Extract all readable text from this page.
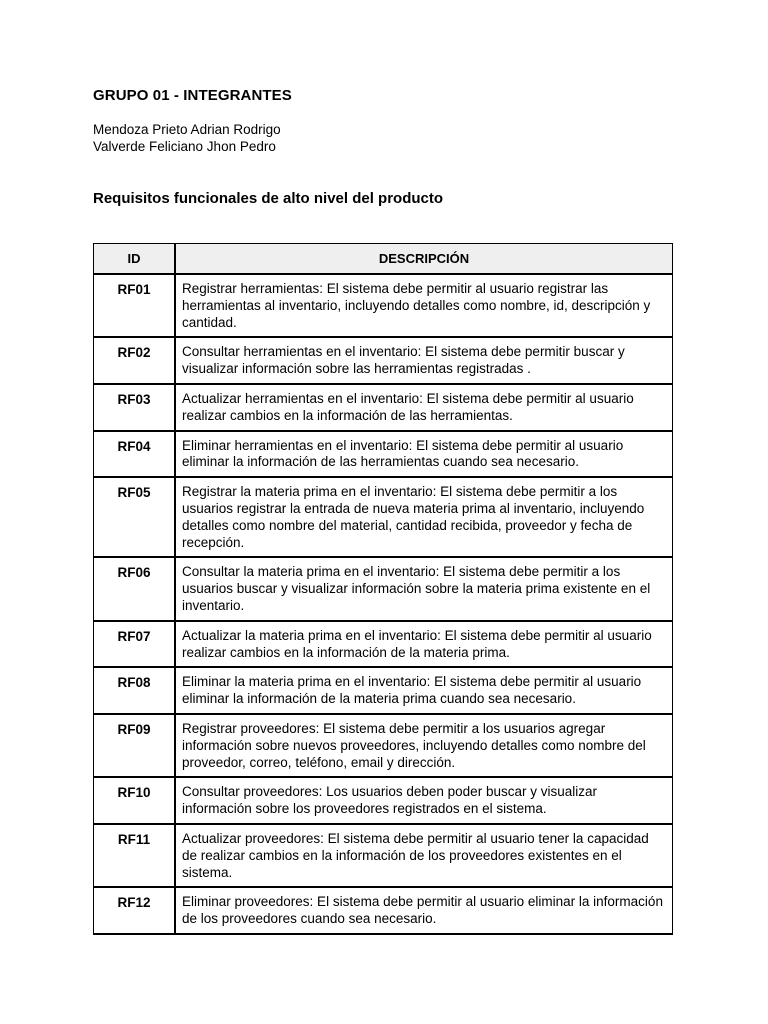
GRUPO 01 - INTEGRANTES
Mendoza Prieto Adrian Rodrigo
Valverde Feliciano Jhon Pedro
Requisitos funcionales de alto nivel del producto
ID	DESCRIPCIÓN
RF01	Registrar herramientas: El sistema debe permitir al usuario registrar las herramientas al inventario, incluyendo detalles como nombre, id, descripción y cantidad.
RF02	Consultar herramientas en el inventario: El sistema debe permitir buscar y visualizar información sobre las herramientas registradas .
RF03	Actualizar herramientas en el inventario: El sistema debe permitir al usuario realizar cambios en la información de las herramientas.
RF04	Eliminar herramientas en el inventario: El sistema debe permitir al usuario eliminar la información de las herramientas cuando sea necesario.
RF05	Registrar la materia prima en el inventario: El sistema debe permitir a los usuarios registrar la entrada de nueva materia prima al inventario, incluyendo detalles como nombre del material, cantidad recibida, proveedor y fecha de recepción.
RF06	Consultar la materia prima en el inventario: El sistema debe permitir a los usuarios buscar y visualizar información sobre la materia prima existente en el inventario.
RF07	Actualizar la materia prima en el inventario: El sistema debe permitir al usuario realizar cambios en la información de la materia prima.
RF08	Eliminar la materia prima en el inventario: El sistema debe permitir al usuario eliminar la información de la materia prima cuando sea necesario.
RF09	Registrar proveedores: El sistema debe permitir a los usuarios agregar información sobre nuevos proveedores, incluyendo detalles como nombre del proveedor, correo, teléfono, email y dirección.
RF10	Consultar proveedores: Los usuarios deben poder buscar y visualizar información sobre los proveedores registrados en el sistema.
RF11	Actualizar proveedores: El sistema debe permitir al usuario tener la capacidad de realizar cambios en la información de los proveedores existentes en el sistema.
RF12	Eliminar proveedores: El sistema debe permitir al usuario eliminar la información de los proveedores cuando sea necesario.
